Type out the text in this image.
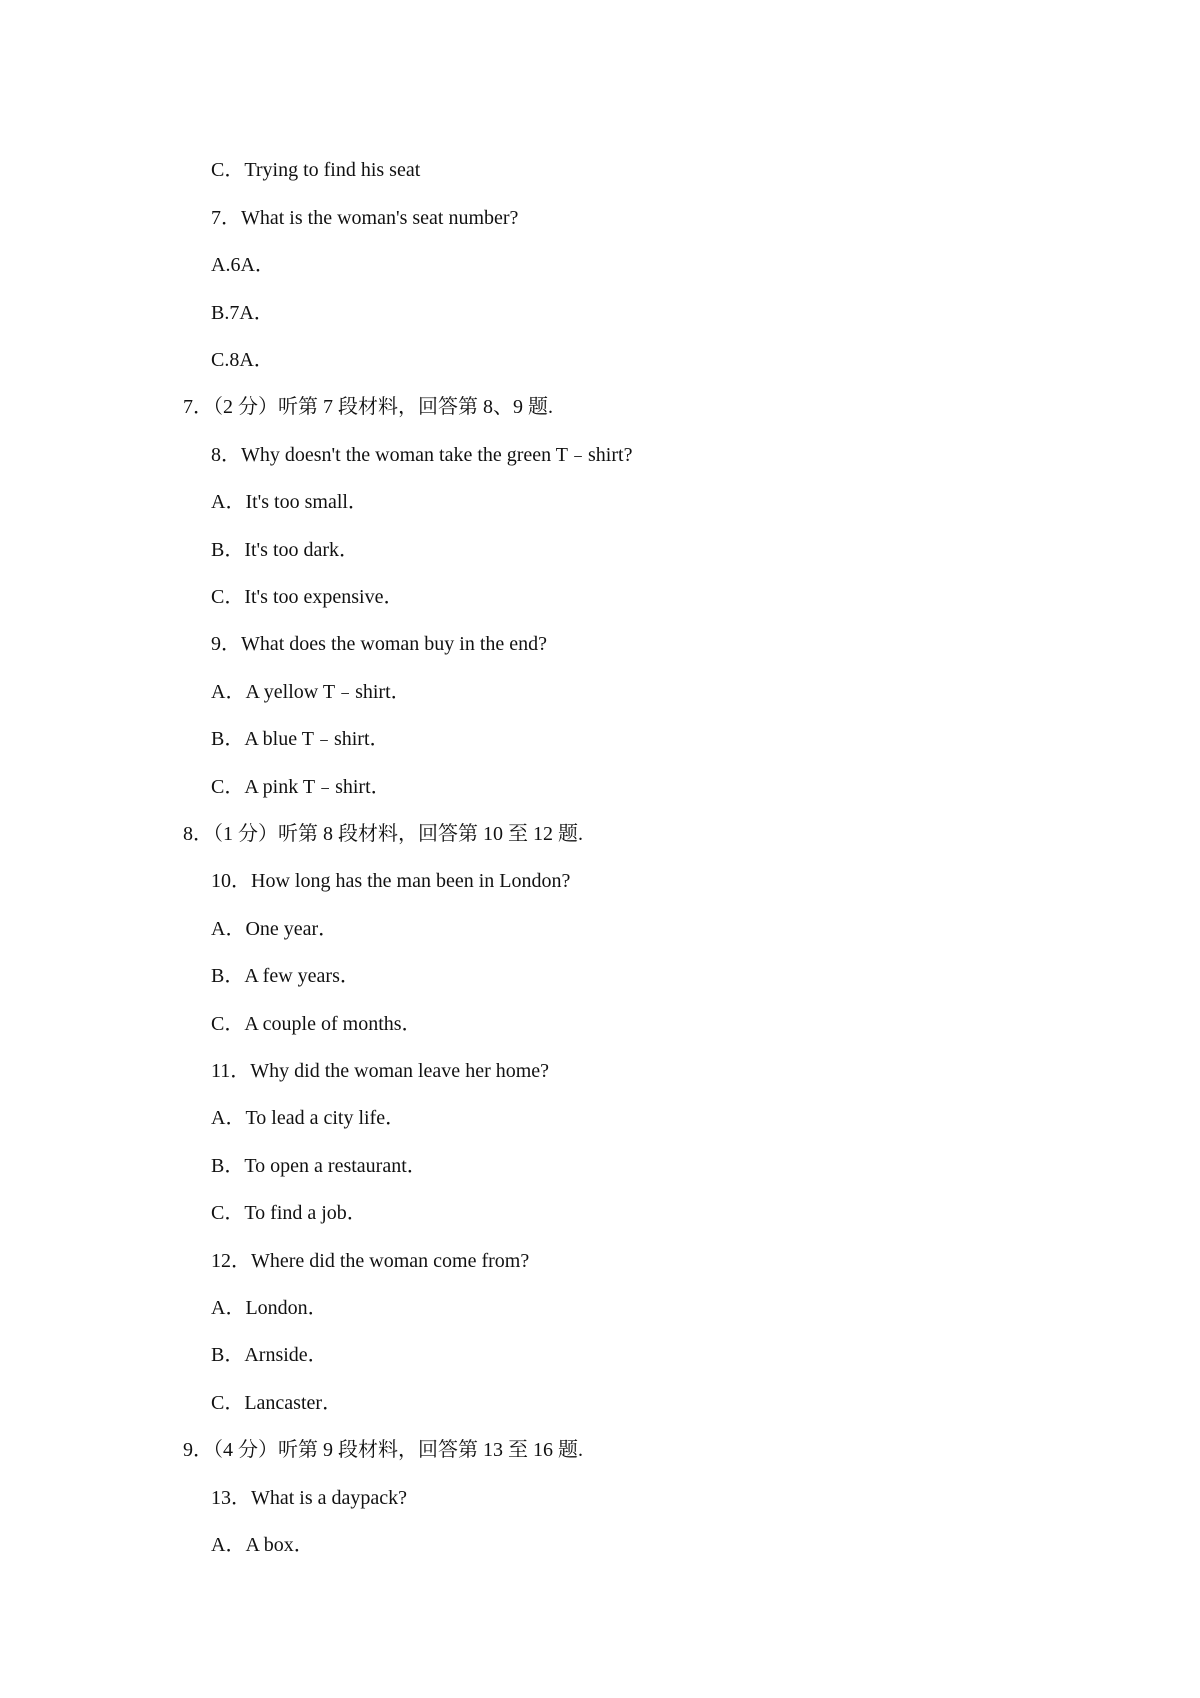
C．Trying to find his seat
7．What is the woman's seat number?
A.6A．
B.7A．
C.8A．
7．（2 分）听第 7 段材料，回答第 8、9 题.
8．Why doesn't the woman take the green T﹣shirt?
A．It's too small．
B．It's too dark．
C．It's too expensive．
9．What does the woman buy in the end?
A．A yellow T﹣shirt．
B．A blue T﹣shirt．
C．A pink T﹣shirt．
8．（1 分）听第 8 段材料，回答第 10 至 12 题.
10．How long has the man been in London?
A．One year．
B．A few years．
C．A couple of months．
11．Why did the woman leave her home?
A．To lead a city life．
B．To open a restaurant．
C．To find a job．
12．Where did the woman come from?
A．London．
B．Arnside．
C．Lancaster．
9．（4 分）听第 9 段材料，回答第 13 至 16 题.
13．What is a daypack?
A．A box．
